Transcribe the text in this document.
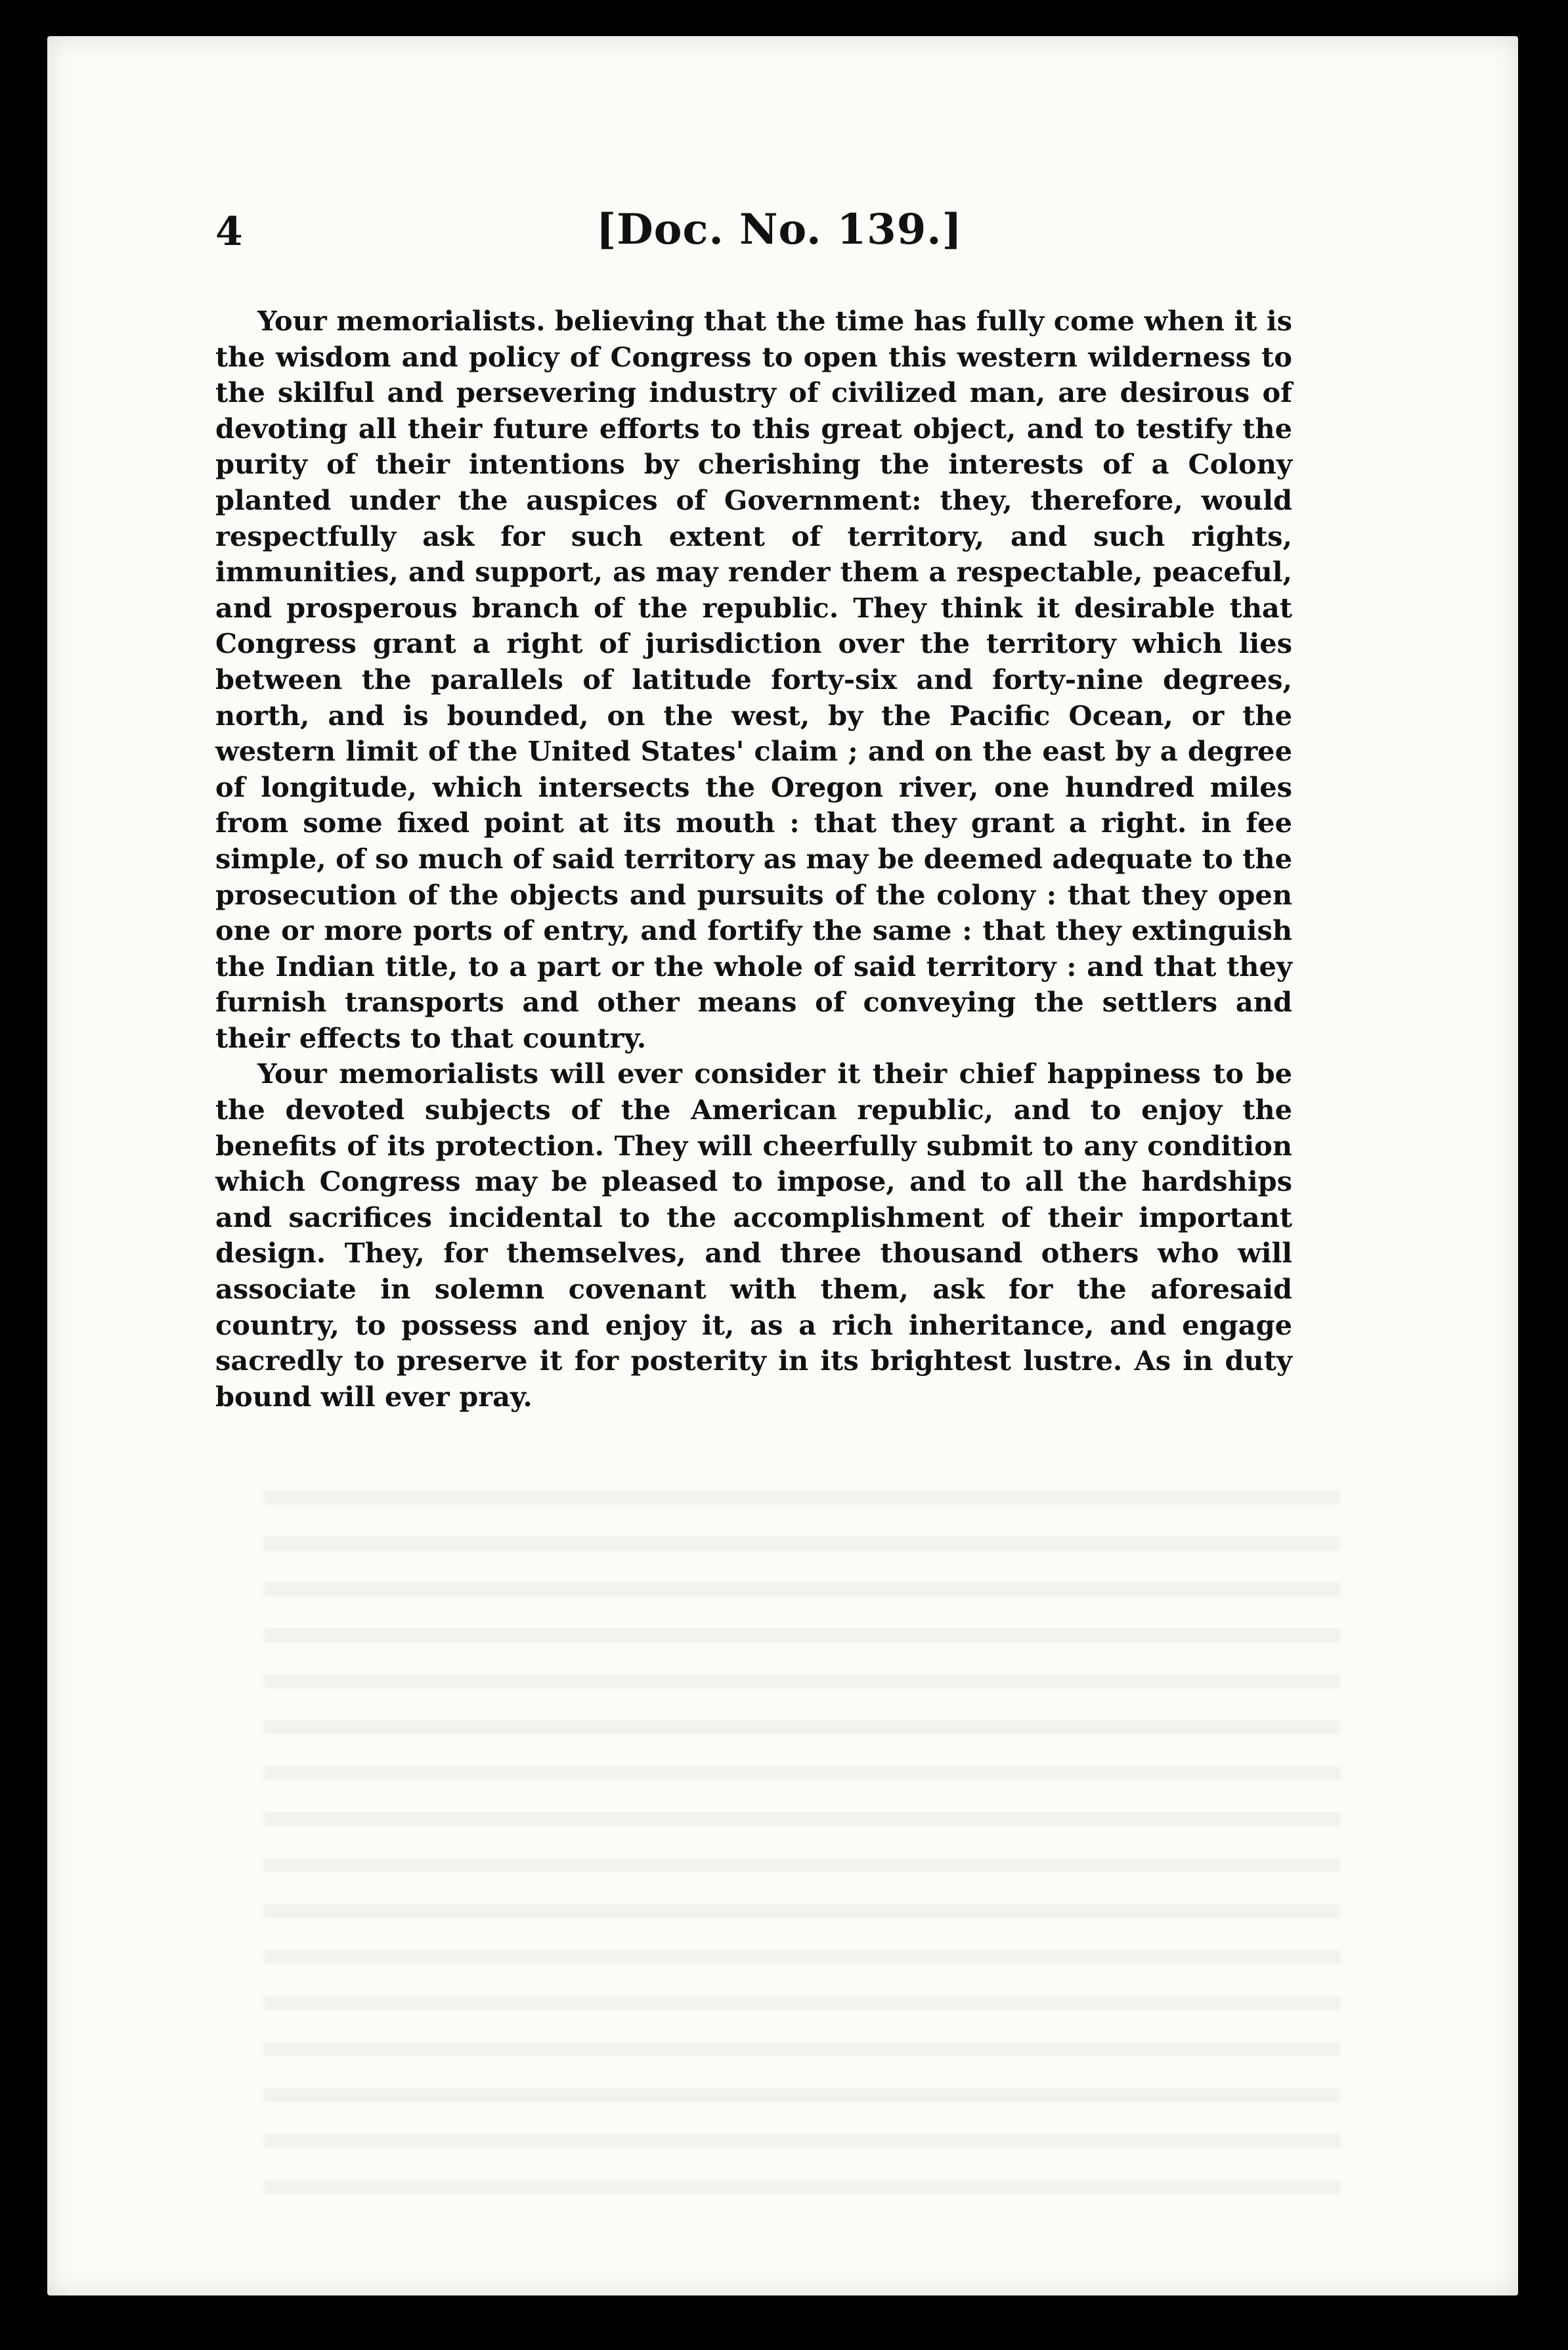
4	[Doc. No. 139.]

Your memorialists. believing that the time has fully come when it is the wisdom and policy of Congress to open this western wilderness to the skilful and persevering industry of civilized man, are desirous of devoting all their future efforts to this great object, and to testify the purity of their intentions by cherishing the interests of a Colony planted under the auspices of Government: they, therefore, would respectfully ask for such extent of territory, and such rights, immunities, and support, as may render them a respectable, peaceful, and prosperous branch of the republic. They think it desirable that Congress grant a right of jurisdiction over the territory which lies between the parallels of latitude forty-six and forty-nine degrees, north, and is bounded, on the west, by the Pacific Ocean, or the western limit of the United States' claim ; and on the east by a degree of longitude, which intersects the Oregon river, one hundred miles from some fixed point at its mouth : that they grant a right. in fee simple, of so much of said territory as may be deemed adequate to the prosecution of the objects and pursuits of the colony : that they open one or more ports of entry, and fortify the same : that they extinguish the Indian title, to a part or the whole of said territory : and that they furnish transports and other means of conveying the settlers and their effects to that country.

Your memorialists will ever consider it their chief happiness to be the devoted subjects of the American republic, and to enjoy the benefits of its protection. They will cheerfully submit to any condition which Congress may be pleased to impose, and to all the hardships and sacrifices incidental to the accomplishment of their important design. They, for themselves, and three thousand others who will associate in solemn covenant with them, ask for the aforesaid country, to possess and enjoy it, as a rich inheritance, and engage sacredly to preserve it for posterity in its brightest lustre. As in duty bound will ever pray.
